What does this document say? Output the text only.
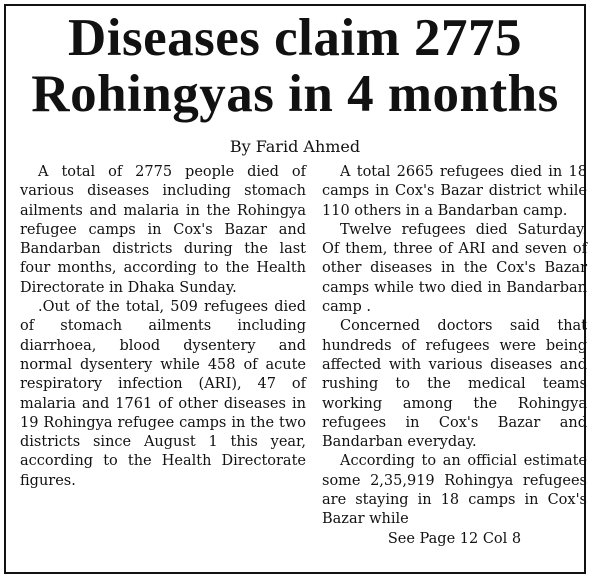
Diseases claim 2775
Rohingyas in 4 months
By Farid Ahmed

A total of 2775 people died of various diseases including stomach ailments and malaria in the Rohingya refugee camps in Cox's Bazar and Bandarban districts during the last four months, according to the Health Directorate in Dhaka Sunday.

.Out of the total, 509 refugees died of stomach ailments including diarrhoea, blood dysentery and normal dysentery while 458 of acute respiratory infection (ARI), 47 of malaria and 1761 of other diseases in 19 Rohingya refugee camps in the two districts since August 1 this year, according to the Health Directorate figures.

A total 2665 refugees died in 18 camps in Cox's Bazar district while 110 others in a Bandarban camp.

Twelve refugees died Saturday. Of them, three of ARI and seven of other diseases in the Cox's Bazar camps while two died in Bandarban camp .

Concerned doctors said that hundreds of refugees were being affected with various diseases and rushing to the medical teams working among the Rohingya refugees in Cox's Bazar and Bandarban everyday.

According to an official estimate some 2,35,919 Rohingya refugees are staying in 18 camps in Cox's Bazar while

See Page 12 Col 8
